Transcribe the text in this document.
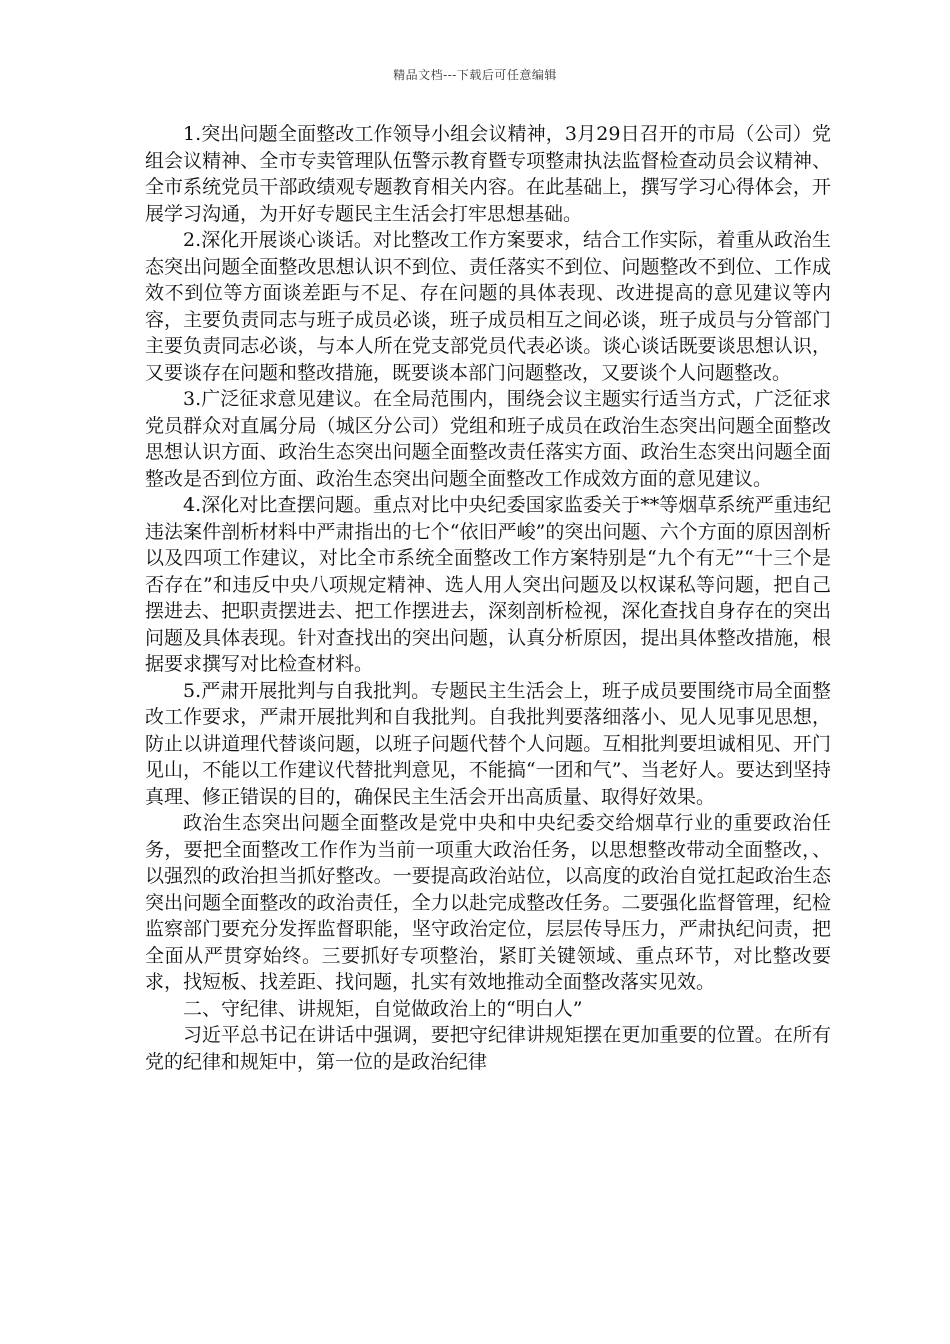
精品文档---下载后可任意编辑

1.突出问题全面整改工作领导小组会议精神，3月29日召开的市局（公司）党组会议精神、全市专卖管理队伍警示教育暨专项整肃执法监督检查动员会议精神、全市系统党员干部政绩观专题教育相关内容。在此基础上，撰写学习心得体会，开展学习沟通，为开好专题民主生活会打牢思想基础。

2.深化开展谈心谈话。对比整改工作方案要求，结合工作实际，着重从政治生态突出问题全面整改思想认识不到位、责任落实不到位、问题整改不到位、工作成效不到位等方面谈差距与不足、存在问题的具体表现、改进提高的意见建议等内容，主要负责同志与班子成员必谈，班子成员相互之间必谈，班子成员与分管部门主要负责同志必谈，与本人所在党支部党员代表必谈。谈心谈话既要谈思想认识，又要谈存在问题和整改措施，既要谈本部门问题整改，又要谈个人问题整改。

3.广泛征求意见建议。在全局范围内，围绕会议主题实行适当方式，广泛征求党员群众对直属分局（城区分公司）党组和班子成员在政治生态突出问题全面整改思想认识方面、政治生态突出问题全面整改责任落实方面、政治生态突出问题全面整改是否到位方面、政治生态突出问题全面整改工作成效方面的意见建议。

4.深化对比查摆问题。重点对比中央纪委国家监委关于**等烟草系统严重违纪违法案件剖析材料中严肃指出的七个“依旧严峻”的突出问题、六个方面的原因剖析以及四项工作建议，对比全市系统全面整改工作方案特别是“九个有无”“十三个是否存在”和违反中央八项规定精神、选人用人突出问题及以权谋私等问题，把自己摆进去、把职责摆进去、把工作摆进去，深刻剖析检视，深化查找自身存在的突出问题及具体表现。针对查找出的突出问题，认真分析原因，提出具体整改措施，根据要求撰写对比检查材料。

5.严肃开展批判与自我批判。专题民主生活会上，班子成员要围绕市局全面整改工作要求，严肃开展批判和自我批判。自我批判要落细落小、见人见事见思想，防止以讲道理代替谈问题，以班子问题代替个人问题。互相批判要坦诚相见、开门见山，不能以工作建议代替批判意见，不能搞“一团和气”、当老好人。要达到坚持真理、修正错误的目的，确保民主生活会开出高质量、取得好效果。

政治生态突出问题全面整改是党中央和中央纪委交给烟草行业的重要政治任务，要把全面整改工作作为当前一项重大政治任务，以思想整改带动全面整改，、以强烈的政治担当抓好整改。一要提高政治站位，以高度的政治自觉扛起政治生态突出问题全面整改的政治责任，全力以赴完成整改任务。二要强化监督管理，纪检监察部门要充分发挥监督职能，坚守政治定位，层层传导压力，严肃执纪问责，把全面从严贯穿始终。三要抓好专项整治，紧盯关键领域、重点环节，对比整改要求，找短板、找差距、找问题，扎实有效地推动全面整改落实见效。

二、守纪律、讲规矩，自觉做政治上的“明白人”

习近平总书记在讲话中强调，要把守纪律讲规矩摆在更加重要的位置。在所有党的纪律和规矩中，第一位的是政治纪律
